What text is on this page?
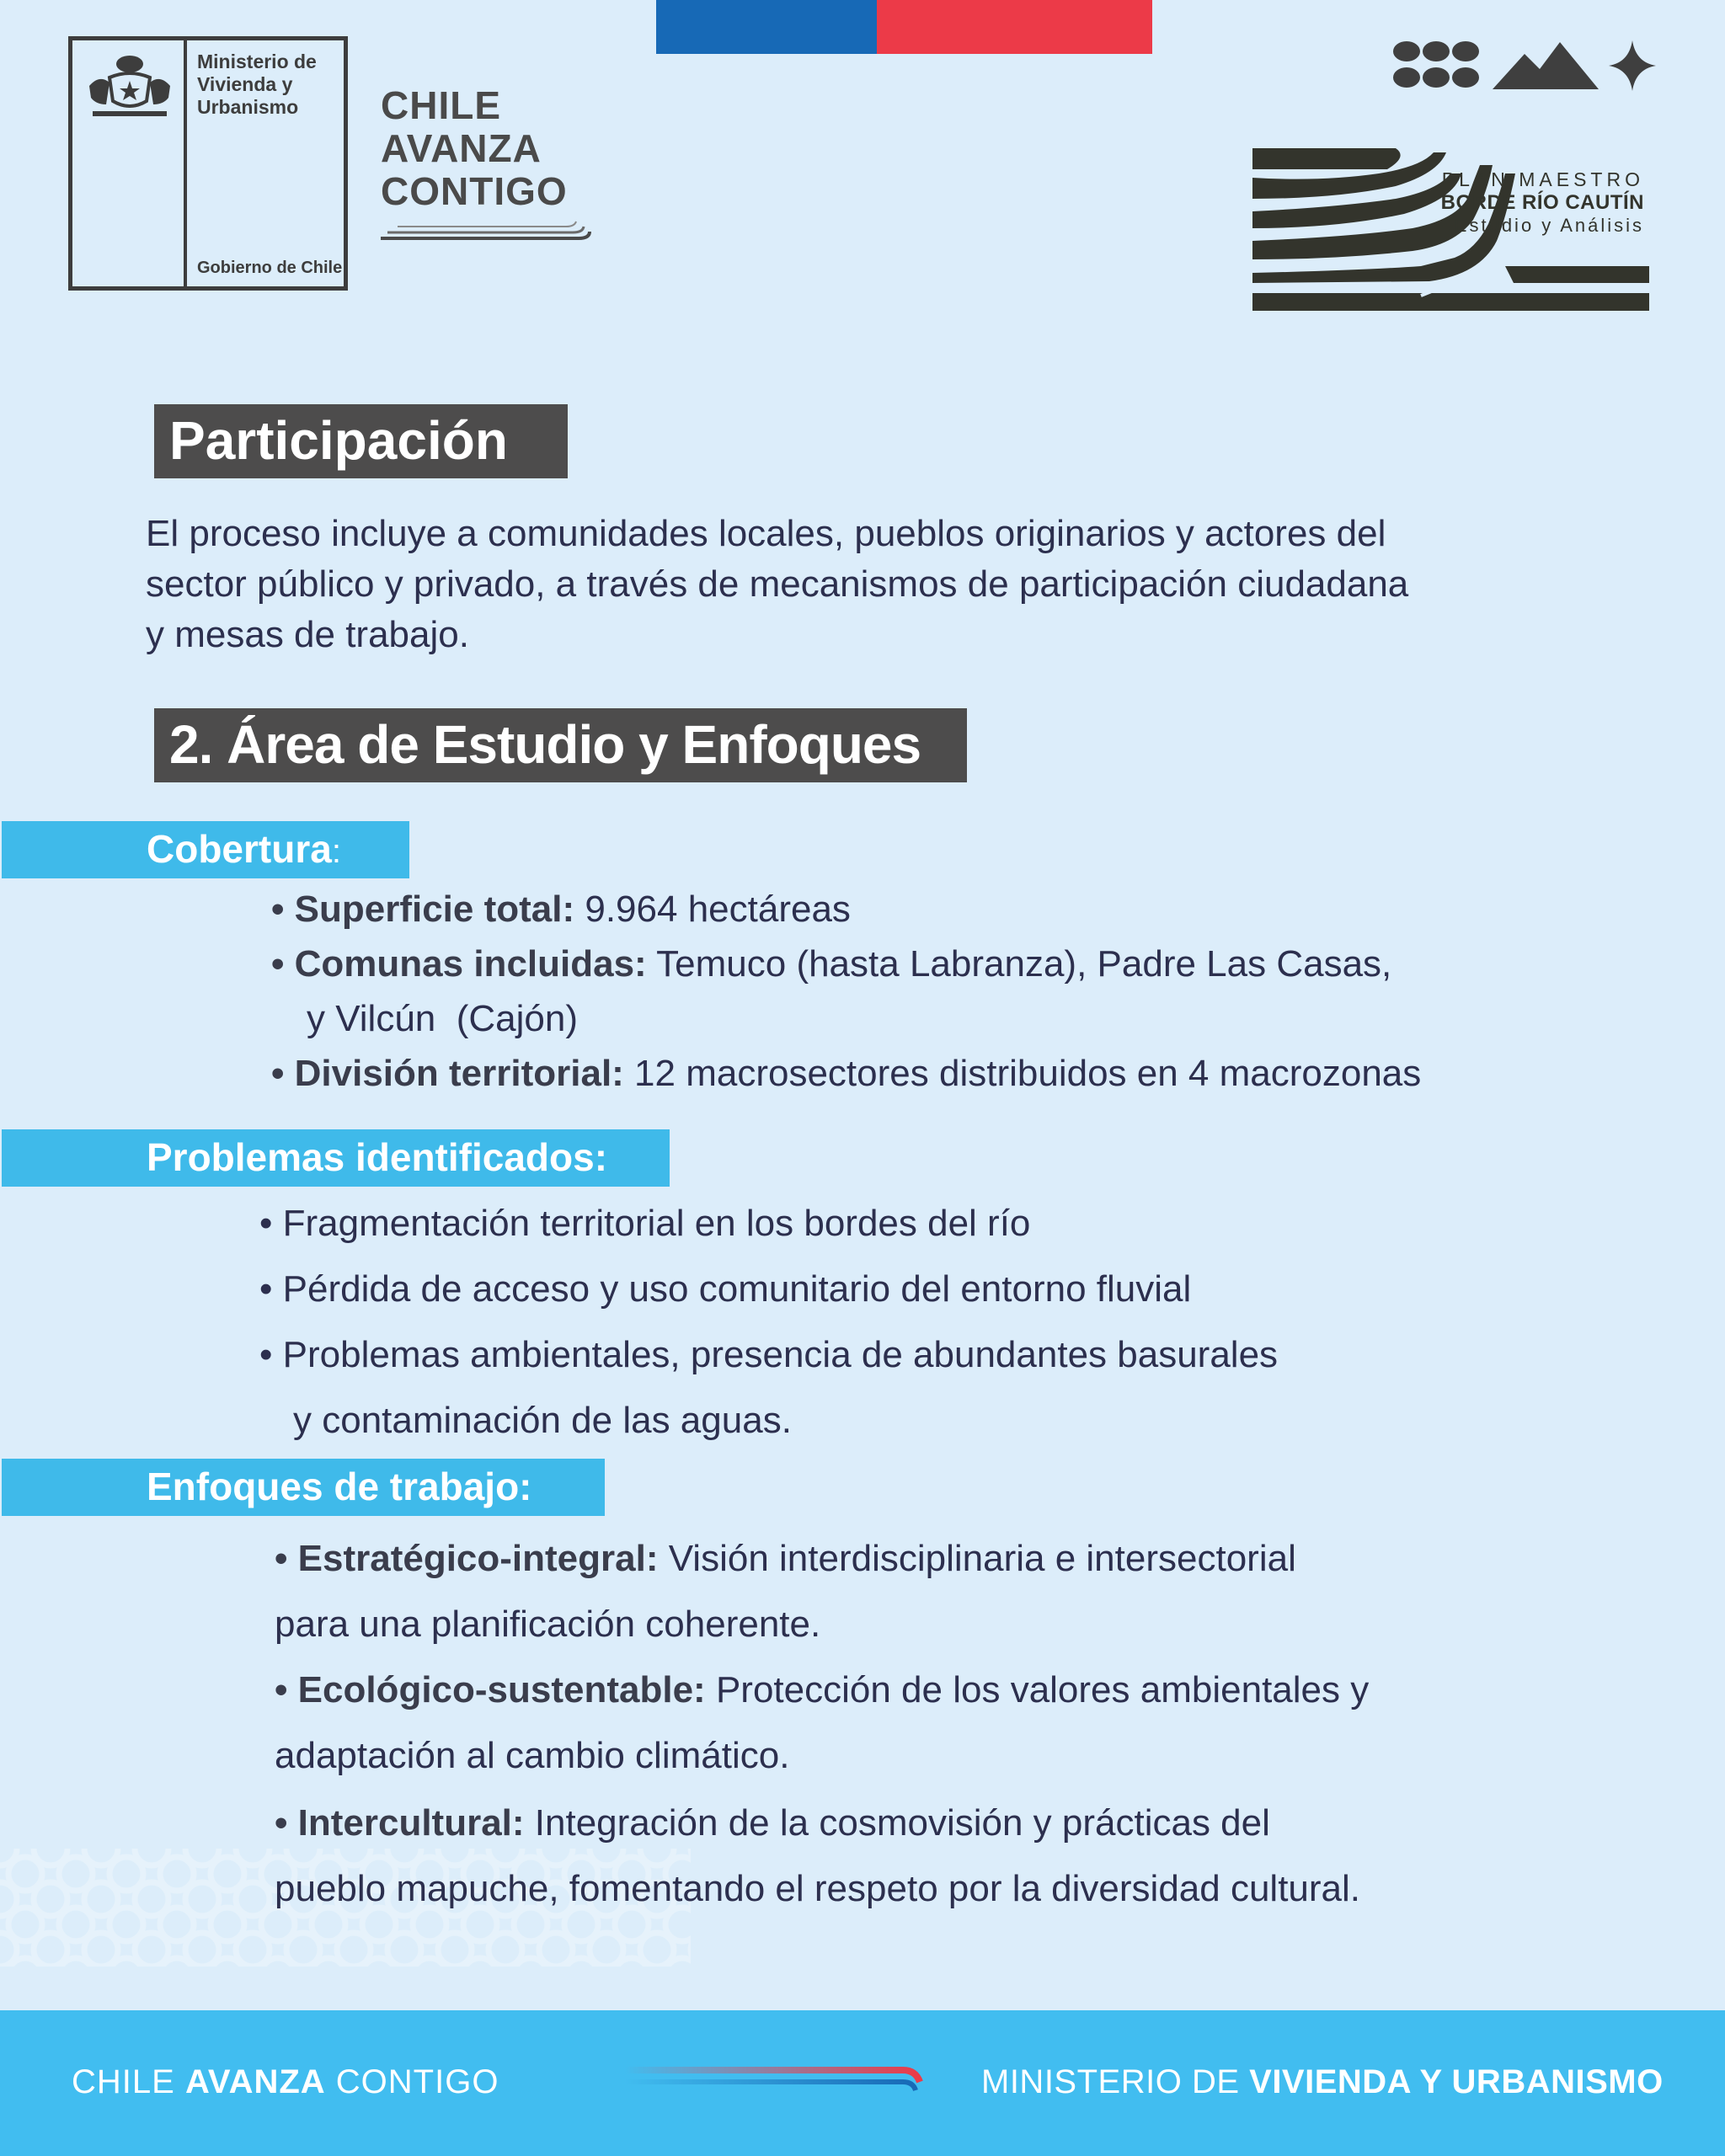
Ministerio de
Vivienda y
Urbanismo
Gobierno de Chile
CHILE
AVANZA
CONTIGO	PLAN MAESTRO
BORDE RÍO CAUTÍN
Estudio y Análisis
Participación
El proceso incluye a comunidades locales, pueblos originarios y actores del
sector público y privado, a través de mecanismos de participación ciudadana
y mesas de trabajo.
2. Área de Estudio y Enfoques
Cobertura:
• Superficie total: 9.964 hectáreas
• Comunas incluidas: Temuco (hasta Labranza), Padre Las Casas,
y Vilcún  (Cajón)
• División territorial: 12 macrosectores distribuidos en 4 macrozonas
Problemas identificados:
• Fragmentación territorial en los bordes del río
• Pérdida de acceso y uso comunitario del entorno fluvial
• Problemas ambientales, presencia de abundantes basurales
y contaminación de las aguas.
Enfoques de trabajo:
• Estratégico-integral: Visión interdisciplinaria e intersectorial
para una planificación coherente.
• Ecológico-sustentable: Protección de los valores ambientales y
adaptación al cambio climático.
• Intercultural: Integración de la cosmovisión y prácticas del
pueblo mapuche, fomentando el respeto por la diversidad cultural.
CHILE AVANZA CONTIGO	MINISTERIO DE VIVIENDA Y URBANISMO
